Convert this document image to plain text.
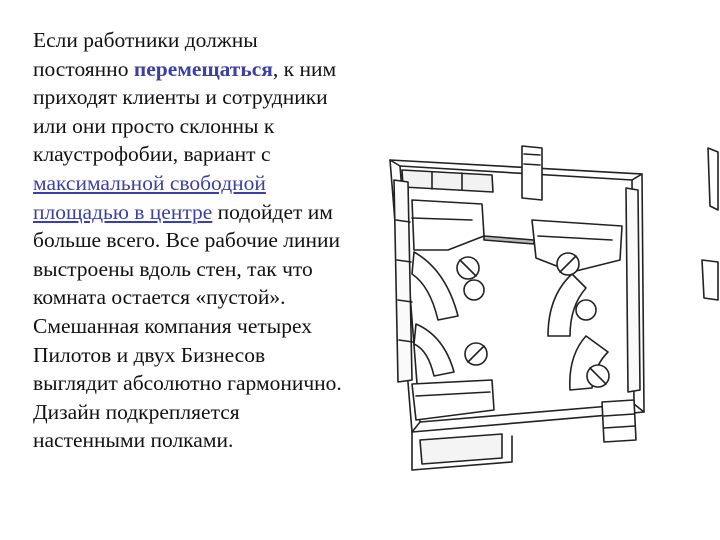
Если работники должны
постоянно перемещаться, к ним
приходят клиенты и сотрудники
или они просто склонны к
клаустрофобии, вариант с
максимальной свободной
площадью в центре подойдет им
больше всего. Все рабочие линии
выстроены вдоль стен, так что
комната остается «пустой».
Смешанная компания четырех
Пилотов и двух Бизнесов
выглядит абсолютно гармонично.
Дизайн подкрепляется
настенными полками.
